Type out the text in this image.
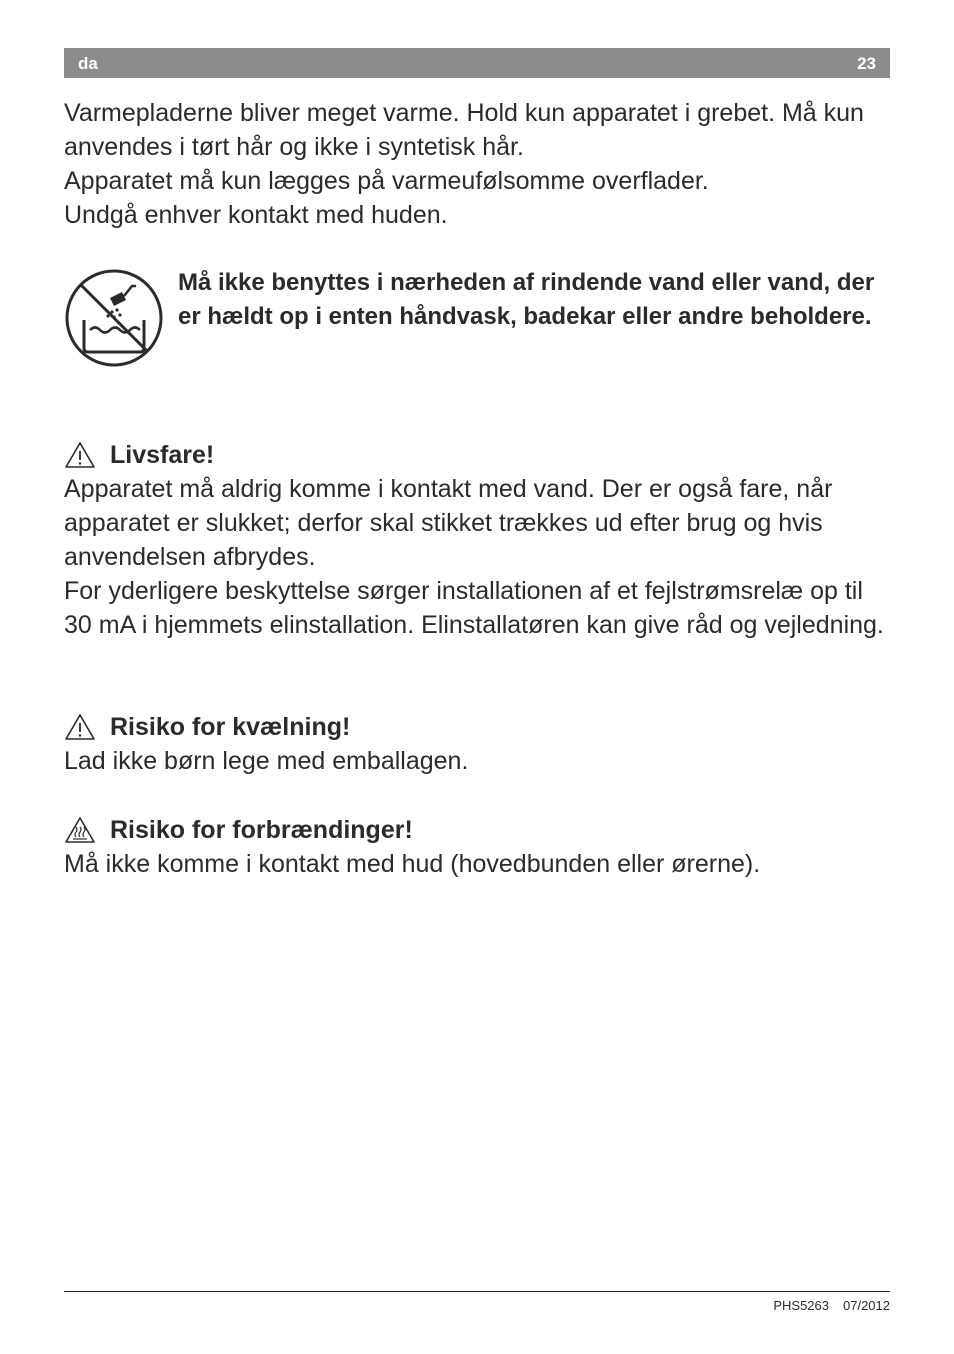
da	23

Varmepladerne bliver meget varme. Hold kun apparatet i grebet. Må kun anvendes i tørt hår og ikke i syntetisk hår.

Apparatet må kun lægges på varmeufølsomme overflader.

Undgå enhver kontakt med huden.

Må ikke benyttes i nærheden af rindende vand eller vand, der er hældt op i enten håndvask, badekar eller andre beholdere.
Livsfare!

Apparatet må aldrig komme i kontakt med vand. Der er også fare, når apparatet er slukket; derfor skal stikket trækkes ud efter brug og hvis anvendelsen afbrydes.

For yderligere beskyttelse sørger installationen af et fejlstrømsrelæ op til 30 mA i hjemmets elinstallation. Elinstallatøren kan give råd og vejledning.

Risiko for kvælning!

Lad ikke børn lege med emballagen.

Risiko for forbrændinger!

Må ikke komme i kontakt med hud (hovedbunden eller ørerne).

PHS5263 07/2012
